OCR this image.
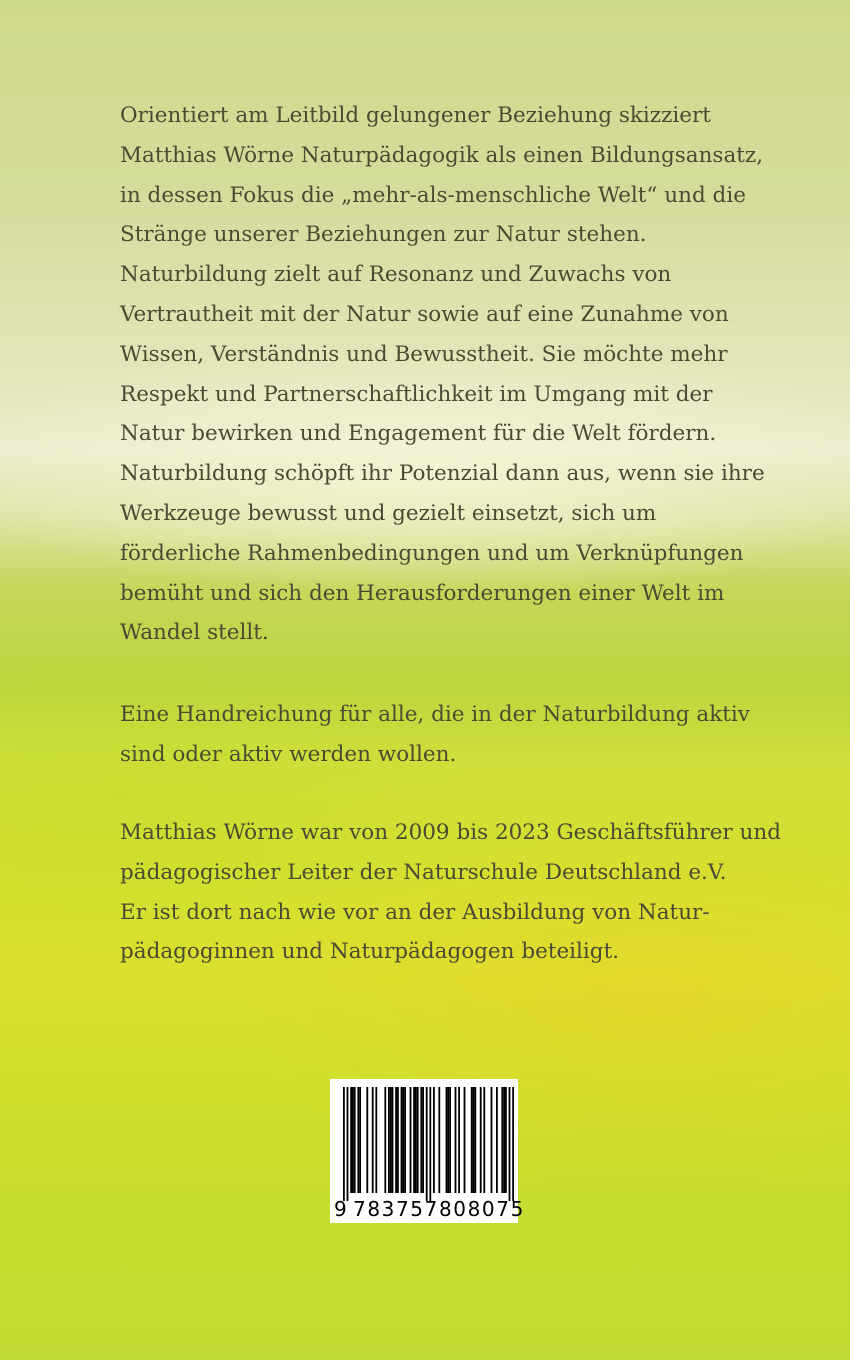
Orientiert am Leitbild gelungener Beziehung skizziert
Matthias Wörne Naturpädagogik als einen Bildungsansatz,
in dessen Fokus die „mehr-als-menschliche Welt“ und die
Stränge unserer Beziehungen zur Natur stehen.
Naturbildung zielt auf Resonanz und Zuwachs von
Vertrautheit mit der Natur sowie auf eine Zunahme von
Wissen, Verständnis und Bewusstheit. Sie möchte mehr
Respekt und Partnerschaftlichkeit im Umgang mit der
Natur bewirken und Engagement für die Welt fördern.
Naturbildung schöpft ihr Potenzial dann aus, wenn sie ihre
Werkzeuge bewusst und gezielt einsetzt, sich um
förderliche Rahmenbedingungen und um Verknüpfungen
bemüht und sich den Herausforderungen einer Welt im
Wandel stellt.
Eine Handreichung für alle, die in der Naturbildung aktiv
sind oder aktiv werden wollen.
Matthias Wörne war von 2009 bis 2023 Geschäftsführer und
pädagogischer Leiter der Naturschule Deutschland e.V.
Er ist dort nach wie vor an der Ausbildung von Natur-
pädagoginnen und Naturpädagogen beteiligt.
9 783757808075
